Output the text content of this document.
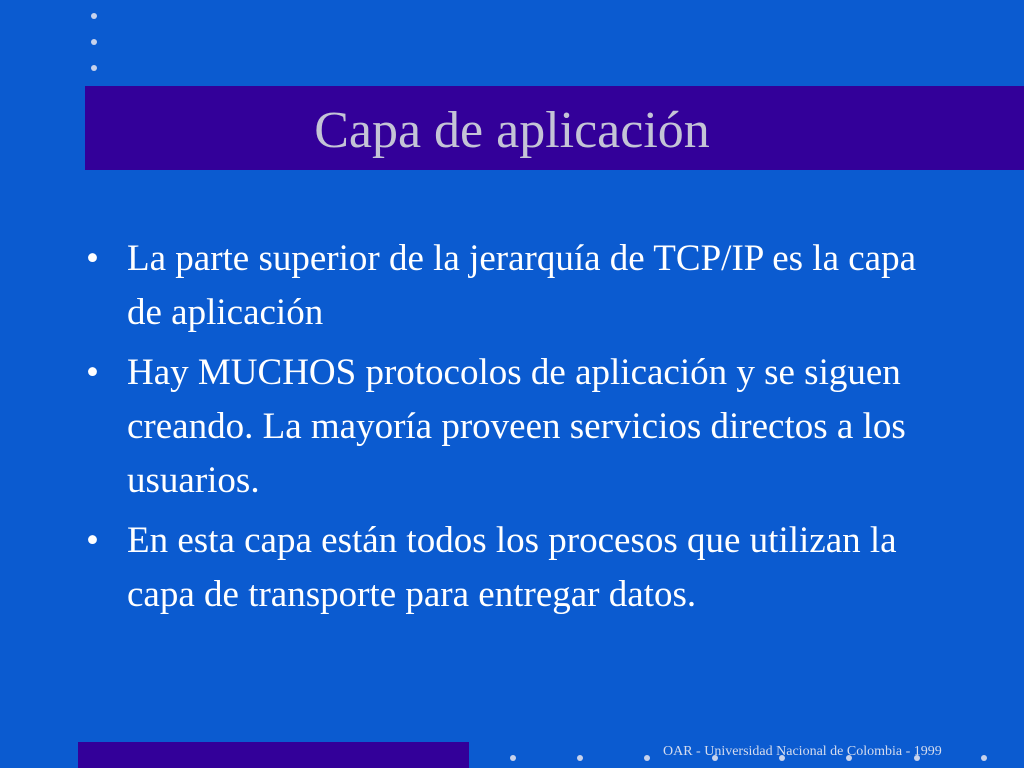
Capa de aplicación
• La parte superior de la jerarquía de TCP/IP es la capa de aplicación
• Hay MUCHOS protocolos de aplicación y se siguen creando. La mayoría proveen servicios directos a los usuarios.
• En esta capa están todos los procesos que utilizan la capa de transporte para entregar datos.
OAR - Universidad Nacional de Colombia - 1999
